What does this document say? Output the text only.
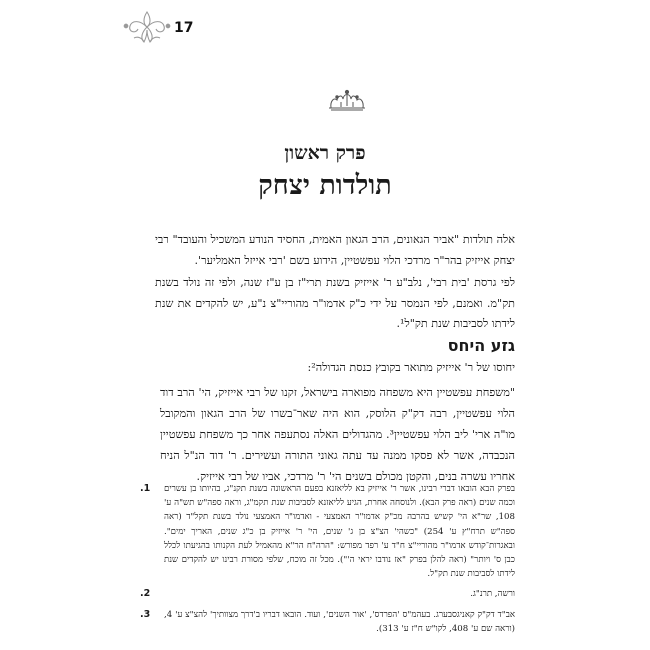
17
פרק ראשון
תולדות יצחק

אלה תולדות "אביר הגאונים, הרב הגאון האמית, החסיד הנודע המשכיל והעובד" רבי יצחק אייזיק בהר"ר מרדכי הלוי עפשטיין, הידוע בשם 'רבי אייזל האמליער'.

לפי גרסת 'בית רבי', נלב"ע ר' אייזיק בשנת תרי"ז בן ע"ז שנה, ולפי זה נולד בשנת תק"מ. ואמנם, לפי הנמסר על ידי כ"ק אדמו"ר מהוריי"צ נ"ע, יש להקדים את שנת לידתו לסביבות שנת תק"ל¹.

גזע היחס

יחוסו של ר' אייזיק מתואר בקובץ כנסת הגדולה²:

"משפחת עפשטיין היא משפחה מפוארה בישראל, זקנו של רבי אייזיק, הי' הרב דוד הלוי עפשטיין, רבה דק"ק הלוסק, הוא היה שאר־בשרו של הרב הגאון והמקובל מו"ה ארי' ליב הלוי עפשטיין³. מהגדולים האלה נסתעפה אחר כך משפחת עפשטיין הנכבדה, אשר לא פסקו ממנה עד עתה גאוני התורה ועשירים. ר' דוד הנ"ל הניח אחריו עשרה בנים, והקטן מכולם בשנים הי' ר' מרדכי, אביו של רבי אייזיק.

1.	בפרק הבא הובאו דברי רבינו, אשר ר' אייזיק בא לליאזנא בפעם הראשונה בשנת תקנ"ג, בהיותו בן עשרים וכמה שנים (ראה פרק הבא). ולנוסחה אחרת, הגיע לליאזנא לסביבות שנת תקמ"ג, וראה ספה"ש תש"ה ע' 108, שר"א הי' קשיש בהרבה מכ"ק אדמו"ר האמצעי - ואדמו"ר האמצעי נולד בשנת תקל"ד (ראה ספה"ש תרח"ץ ע' 254) "כשהי' הצ"צ בן ג' שנים, הי' ר' אייזיק בן כ"ג שנים, האריך ימים". ובאגרות־קודש אדמו"ר מהוריי"צ ח"ד ע' רפד מפורש: "הרה"ח הר"א מהאמיל לעת הקנותו בהגיעתו לכלל כבן ס' ויותר" (ראה להלן בפרק "אז נודבו יראי ה'"). מכל זה מוכח, שלפי מסורת רבינו יש להקדים שנת לידתו לסביבות שנת תק"ל.
2.	ורשה, תרנ"ג.
3.	אב"ד דק"ק קאניגסבערג. בעהמ"ס 'הפרדס', 'אור השנים', ועוד. הובאו דבריו ב'דרך מצוותיך' להצ"צ ע' 4, (וראה שם ע' 408, לקו"ש ח"ז ע' 313).
